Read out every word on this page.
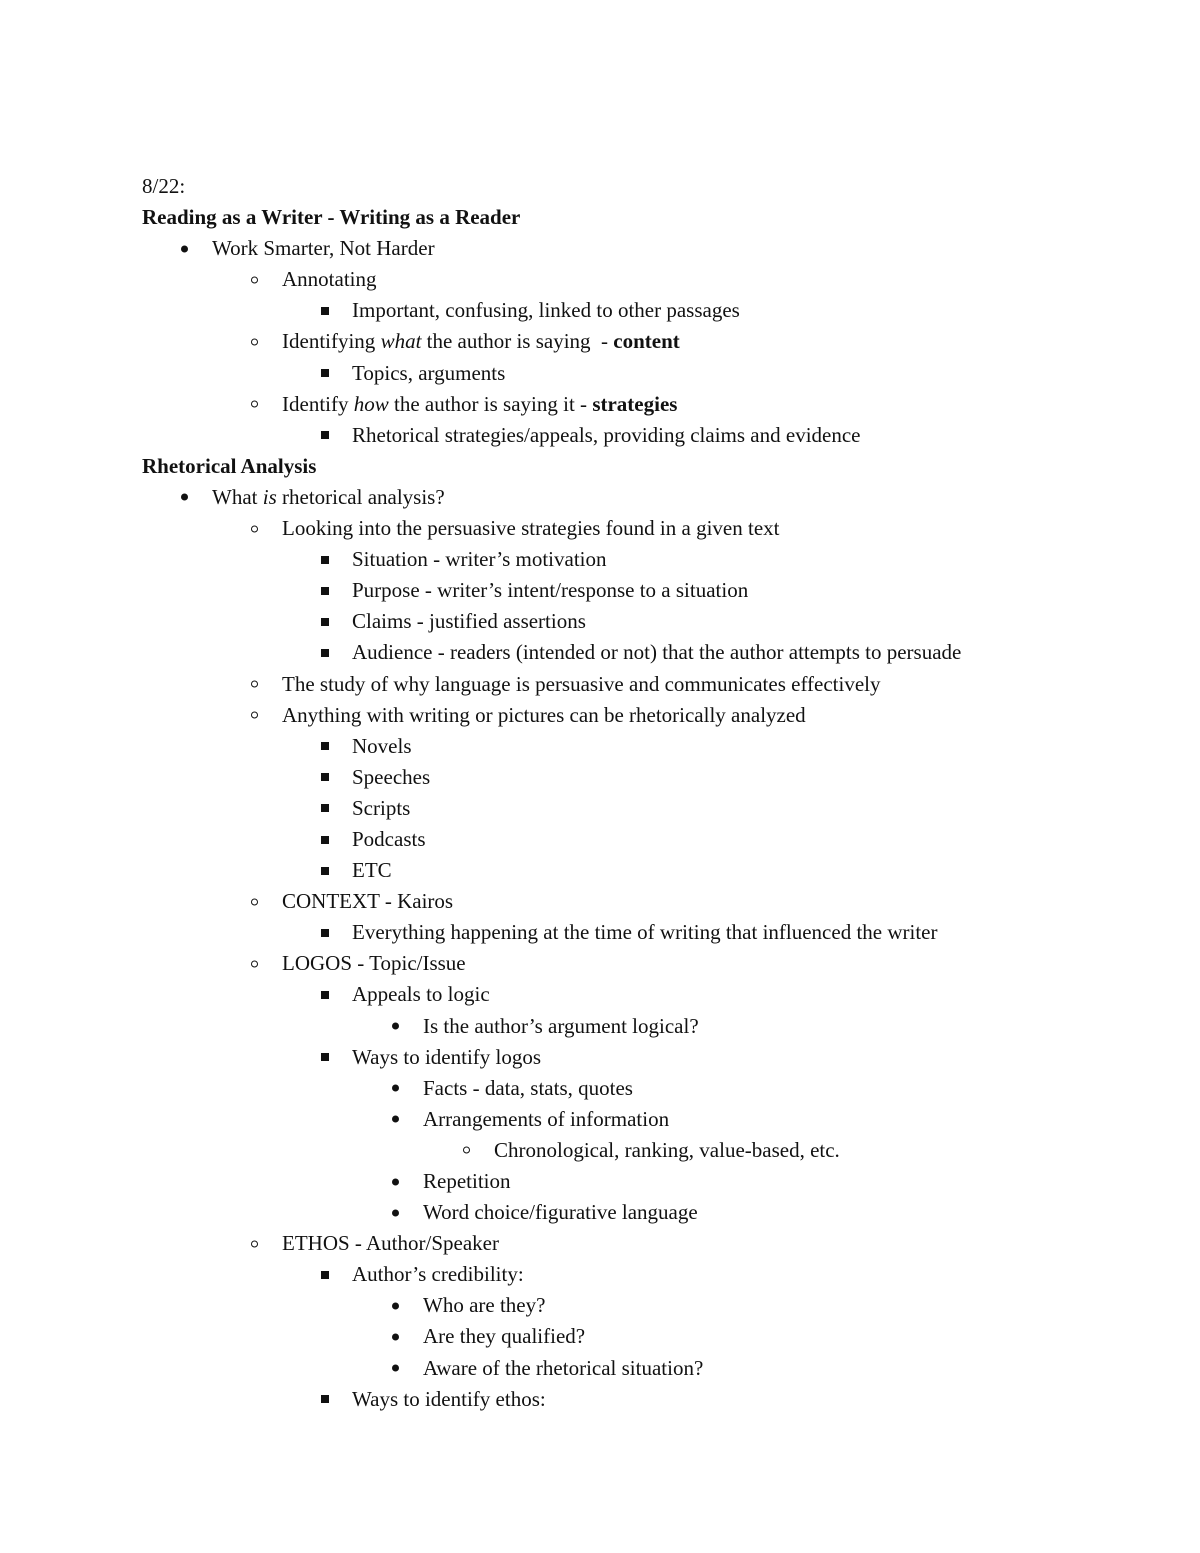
8/22:
Reading as a Writer - Writing as a Reader
Work Smarter, Not Harder
Annotating
Important, confusing, linked to other passages
Identifying what the author is saying  - content
Topics, arguments
Identify how the author is saying it - strategies
Rhetorical strategies/appeals, providing claims and evidence
Rhetorical Analysis
What is rhetorical analysis?
Looking into the persuasive strategies found in a given text
Situation - writer’s motivation
Purpose - writer’s intent/response to a situation
Claims - justified assertions
Audience - readers (intended or not) that the author attempts to persuade
The study of why language is persuasive and communicates effectively
Anything with writing or pictures can be rhetorically analyzed
Novels
Speeches
Scripts
Podcasts
ETC
CONTEXT - Kairos
Everything happening at the time of writing that influenced the writer
LOGOS - Topic/Issue
Appeals to logic
Is the author’s argument logical?
Ways to identify logos
Facts - data, stats, quotes
Arrangements of information
Chronological, ranking, value-based, etc.
Repetition
Word choice/figurative language
ETHOS - Author/Speaker
Author’s credibility:
Who are they?
Are they qualified?
Aware of the rhetorical situation?
Ways to identify ethos:
